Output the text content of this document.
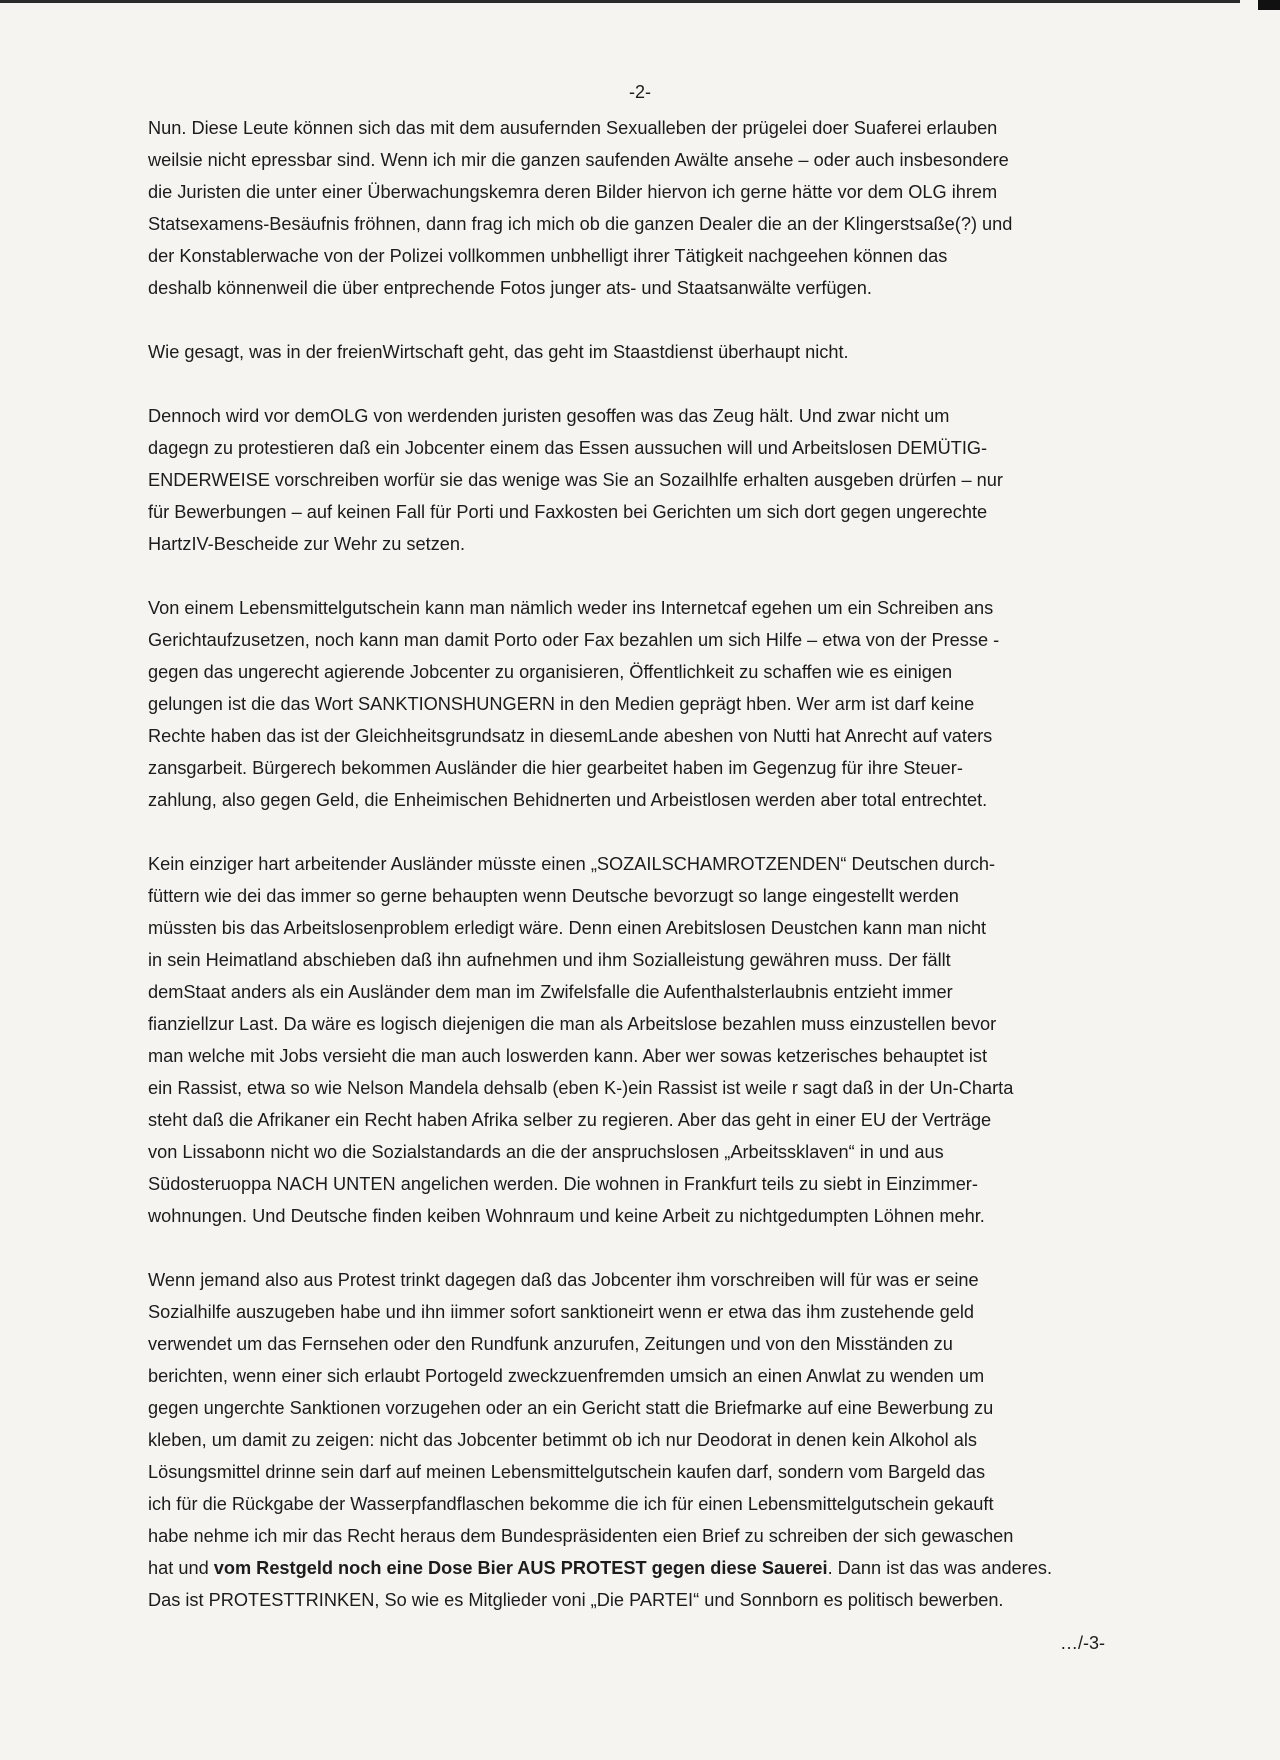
-2-

Nun. Diese Leute können sich das mit dem ausufernden Sexualleben der prügelei doer Suaferei erlauben
weilsie nicht epressbar sind. Wenn ich mir die ganzen saufenden Awälte ansehe – oder auch insbesondere
die Juristen die unter einer Überwachungskemra deren Bilder hiervon ich gerne hätte vor dem OLG ihrem
Statsexamens-Besäufnis fröhnen, dann frag ich mich ob die ganzen Dealer die an der Klingerstsaße(?) und
der Konstablerwache von der Polizei vollkommen unbhelligt ihrer Tätigkeit nachgeehen können das
deshalb könnenweil die über entprechende Fotos junger ats- und Staatsanwälte verfügen.

Wie gesagt, was in der freienWirtschaft geht, das geht im Staastdienst überhaupt nicht.

Dennoch wird vor demOLG von werdenden juristen gesoffen was das Zeug hält. Und zwar nicht um
dagegn zu protestieren daß ein Jobcenter einem das Essen aussuchen will und Arbeitslosen DEMÜTIG-
ENDERWEISE vorschreiben worfür sie das wenige was Sie an Sozailhlfe erhalten ausgeben drürfen – nur
für Bewerbungen – auf keinen Fall für Porti und Faxkosten bei Gerichten um sich dort gegen ungerechte
HartzIV-Bescheide zur Wehr zu setzen.

Von einem Lebensmittelgutschein kann man nämlich weder ins Internetcaf egehen um ein Schreiben ans
Gerichtaufzusetzen, noch kann man damit Porto oder Fax bezahlen um sich Hilfe – etwa von der Presse -
gegen das ungerecht agierende Jobcenter zu organisieren, Öffentlichkeit zu schaffen wie es einigen
gelungen ist die das Wort SANKTIONSHUNGERN in den Medien geprägt hben. Wer arm ist darf keine
Rechte haben das ist der Gleichheitsgrundsatz in diesemLande abeshen von Nutti hat Anrecht auf vaters
zansgarbeit. Bürgerech bekommen Ausländer die hier gearbeitet haben im Gegenzug für ihre Steuer-
zahlung, also gegen Geld, die Enheimischen Behidnerten und Arbeistlosen werden aber total entrechtet.

Kein einziger hart arbeitender Ausländer müsste einen „SOZAILSCHAMROTZENDEN“ Deutschen durch-
füttern wie dei das immer so gerne behaupten wenn Deutsche bevorzugt so lange eingestellt werden
müssten bis das Arbeitslosenproblem erledigt wäre. Denn einen Arebitslosen Deustchen kann man nicht
in sein Heimatland abschieben daß ihn aufnehmen und ihm Sozialleistung gewähren muss. Der fällt
demStaat anders als ein Ausländer dem man im Zwifelsfalle die Aufenthalsterlaubnis entzieht immer
fianziellzur Last. Da wäre es logisch diejenigen die man als Arbeitslose bezahlen muss einzustellen bevor
man welche mit Jobs versieht die man auch loswerden kann. Aber wer sowas ketzerisches behauptet ist
ein Rassist, etwa so wie Nelson Mandela dehsalb (eben K-)ein Rassist ist weile r sagt daß in der Un-Charta
steht daß die Afrikaner ein Recht haben Afrika selber zu regieren. Aber das geht in einer EU der Verträge
von Lissabonn nicht wo die Sozialstandards an die der anspruchslosen „Arbeitssklaven“ in und aus
Südosteruoppa NACH UNTEN angelichen werden. Die wohnen in Frankfurt teils zu siebt in Einzimmer-
wohnungen. Und Deutsche finden keiben Wohnraum und keine Arbeit zu nichtgedumpten Löhnen mehr.

Wenn jemand also aus Protest trinkt dagegen daß das Jobcenter ihm vorschreiben will für was er seine
Sozialhilfe auszugeben habe und ihn iimmer sofort sanktioneirt wenn er etwa das ihm zustehende geld
verwendet um das Fernsehen oder den Rundfunk anzurufen, Zeitungen und von den Misständen zu
berichten, wenn einer sich erlaubt Portogeld zweckzuenfremden umsich an einen Anwlat zu wenden um
gegen ungerchte Sanktionen vorzugehen oder an ein Gericht statt die Briefmarke auf eine Bewerbung zu
kleben, um damit zu zeigen: nicht das Jobcenter betimmt ob ich nur Deodorat in denen kein Alkohol als
Lösungsmittel drinne sein darf auf meinen Lebensmittelgutschein kaufen darf, sondern vom Bargeld das
ich für die Rückgabe der Wasserpfandflaschen bekomme die ich für einen Lebensmittelgutschein gekauft
habe nehme ich mir das Recht heraus dem Bundespräsidenten eien Brief zu schreiben der sich gewaschen
hat und vom Restgeld noch eine Dose Bier AUS PROTEST gegen diese Sauerei. Dann ist das was anderes.
Das ist PROTESTTRINKEN, So wie es Mitglieder voni „Die PARTEI“ und Sonnborn es politisch bewerben.

…/-3-
